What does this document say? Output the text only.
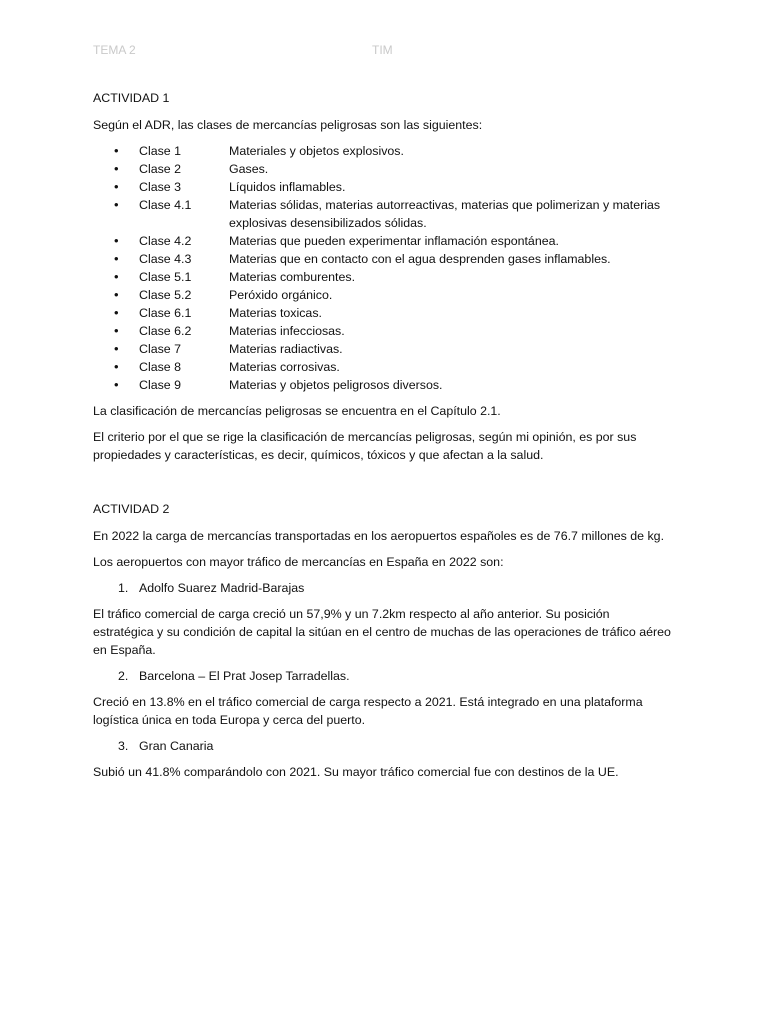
TEMA 2	TIM
ACTIVIDAD 1

Según el ADR, las clases de mercancías peligrosas son las siguientes:

• Clase 1	Materiales y objetos explosivos.
• Clase 2	Gases.
• Clase 3	Líquidos inflamables.
• Clase 4.1	Materias sólidas, materias autorreactivas, materias que polimerizan y materias explosivas desensibilizados sólidas.
• Clase 4.2	Materias que pueden experimentar inflamación espontánea.
• Clase 4.3	Materias que en contacto con el agua desprenden gases inflamables.
• Clase 5.1	Materias comburentes.
• Clase 5.2	Peróxido orgánico.
• Clase 6.1	Materias toxicas.
• Clase 6.2	Materias infecciosas.
• Clase 7	Materias radiactivas.
• Clase 8	Materias corrosivas.
• Clase 9	Materias y objetos peligrosos diversos.

La clasificación de mercancías peligrosas se encuentra en el Capítulo 2.1.

El criterio por el que se rige la clasificación de mercancías peligrosas, según mi opinión, es por sus propiedades y características, es decir, químicos, tóxicos y que afectan a la salud.

ACTIVIDAD 2

En 2022 la carga de mercancías transportadas en los aeropuertos españoles es de 76.7 millones de kg.

Los aeropuertos con mayor tráfico de mercancías en España en 2022 son:

1. Adolfo Suarez Madrid-Barajas

El tráfico comercial de carga creció un 57,9% y un 7.2km respecto al año anterior. Su posición estratégica y su condición de capital la sitúan en el centro de muchas de las operaciones de tráfico aéreo en España.

2. Barcelona – El Prat Josep Tarradellas.

Creció en 13.8% en el tráfico comercial de carga respecto a 2021. Está integrado en una plataforma logística única en toda Europa y cerca del puerto.

3. Gran Canaria

Subió un 41.8% comparándolo con 2021. Su mayor tráfico comercial fue con destinos de la UE.
